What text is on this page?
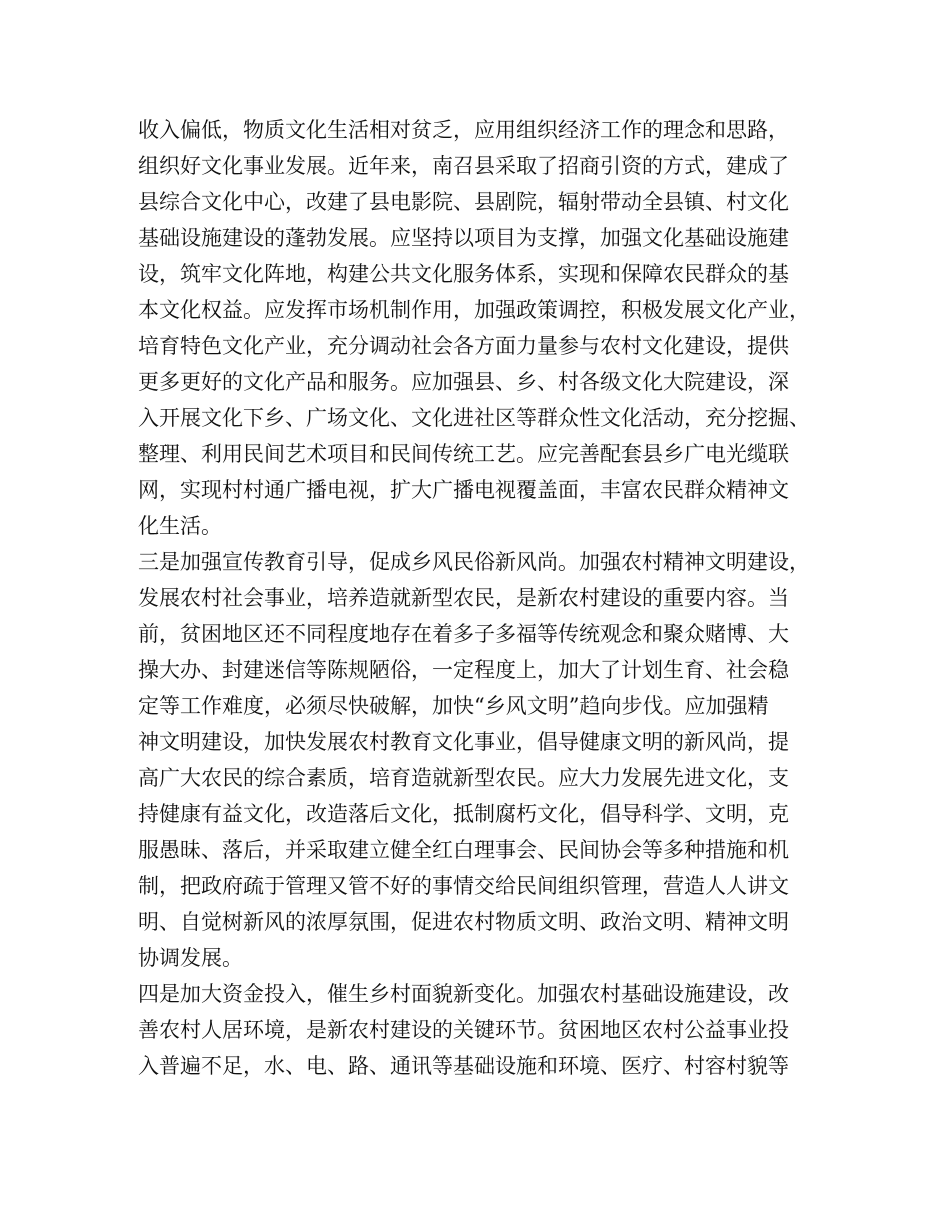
收入偏低，物质文化生活相对贫乏，应用组织经济工作的理念和思路，
组织好文化事业发展。近年来，南召县采取了招商引资的方式，建成了
县综合文化中心，改建了县电影院、县剧院，辐射带动全县镇、村文化
基础设施建设的蓬勃发展。应坚持以项目为支撑，加强文化基础设施建
设，筑牢文化阵地，构建公共文化服务体系，实现和保障农民群众的基
本文化权益。应发挥市场机制作用，加强政策调控，积极发展文化产业，
培育特色文化产业，充分调动社会各方面力量参与农村文化建设，提供
更多更好的文化产品和服务。应加强县、乡、村各级文化大院建设，深
入开展文化下乡、广场文化、文化进社区等群众性文化活动，充分挖掘、
整理、利用民间艺术项目和民间传统工艺。应完善配套县乡广电光缆联
网，实现村村通广播电视，扩大广播电视覆盖面，丰富农民群众精神文
化生活。
三是加强宣传教育引导，促成乡风民俗新风尚。加强农村精神文明建设，
发展农村社会事业，培养造就新型农民，是新农村建设的重要内容。当
前，贫困地区还不同程度地存在着多子多福等传统观念和聚众赌博、大
操大办、封建迷信等陈规陋俗，一定程度上，加大了计划生育、社会稳
定等工作难度，必须尽快破解，加快“乡风文明”趋向步伐。应加强精
神文明建设，加快发展农村教育文化事业，倡导健康文明的新风尚，提
高广大农民的综合素质，培育造就新型农民。应大力发展先进文化，支
持健康有益文化，改造落后文化，抵制腐朽文化，倡导科学、文明，克
服愚昧、落后，并采取建立健全红白理事会、民间协会等多种措施和机
制，把政府疏于管理又管不好的事情交给民间组织管理，营造人人讲文
明、自觉树新风的浓厚氛围，促进农村物质文明、政治文明、精神文明
协调发展。
四是加大资金投入，催生乡村面貌新变化。加强农村基础设施建设，改
善农村人居环境，是新农村建设的关键环节。贫困地区农村公益事业投
入普遍不足，水、电、路、通讯等基础设施和环境、医疗、村容村貌等
